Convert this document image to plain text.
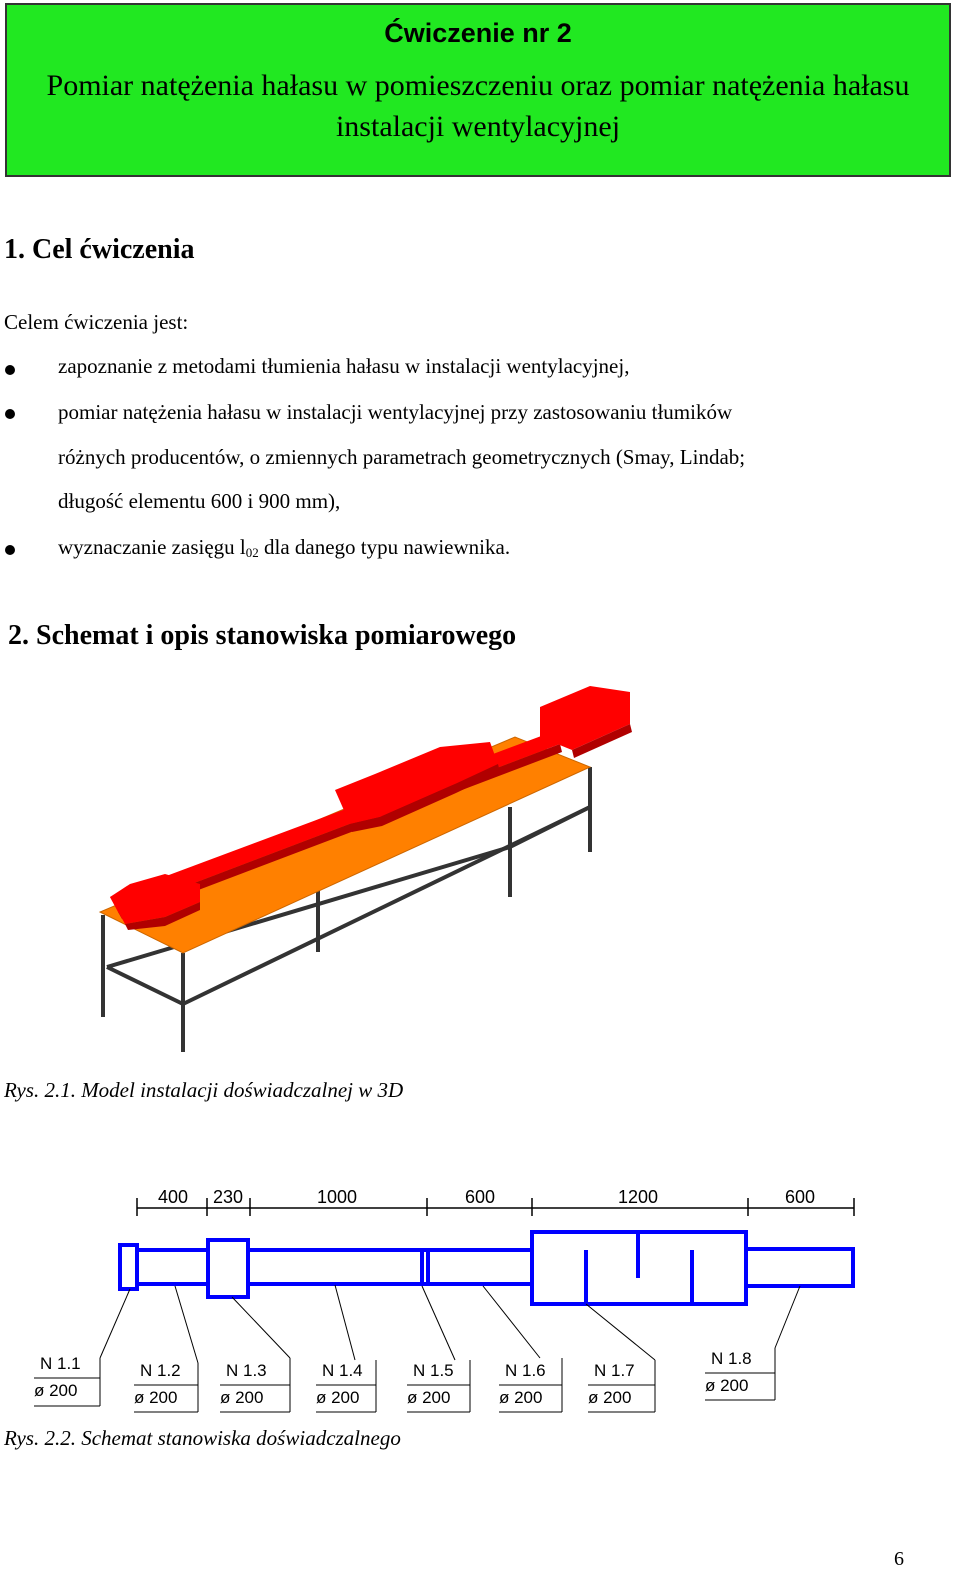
Ćwiczenie nr 2
Pomiar natężenia hałasu w pomieszczeniu oraz pomiar natężenia hałasu instalacji wentylacyjnej
1. Cel ćwiczenia
Celem ćwiczenia jest:
zapoznanie z metodami tłumienia hałasu w instalacji wentylacyjnej,
pomiar natężenia hałasu w instalacji wentylacyjnej przy zastosowaniu tłumików
różnych producentów, o zmiennych parametrach geometrycznych (Smay, Lindab;
długość elementu 600 i 900 mm),
wyznaczanie zasięgu $l_{02}$ dla danego typu nawiewnika.
2. Schemat i opis stanowiska pomiarowego
Rys. 2.1. Model instalacji doświadczalnej w 3D
400 230	1000	600	1200	600
N 1.1
ø 200
N 1.2
ø 200
N 1.3
ø 200
N 1.4
ø 200
N 1.5
ø 200
N 1.6
ø 200
N 1.7
ø 200
N 1.8
ø 200
Rys. 2.2. Schemat stanowiska doświadczalnego
6
